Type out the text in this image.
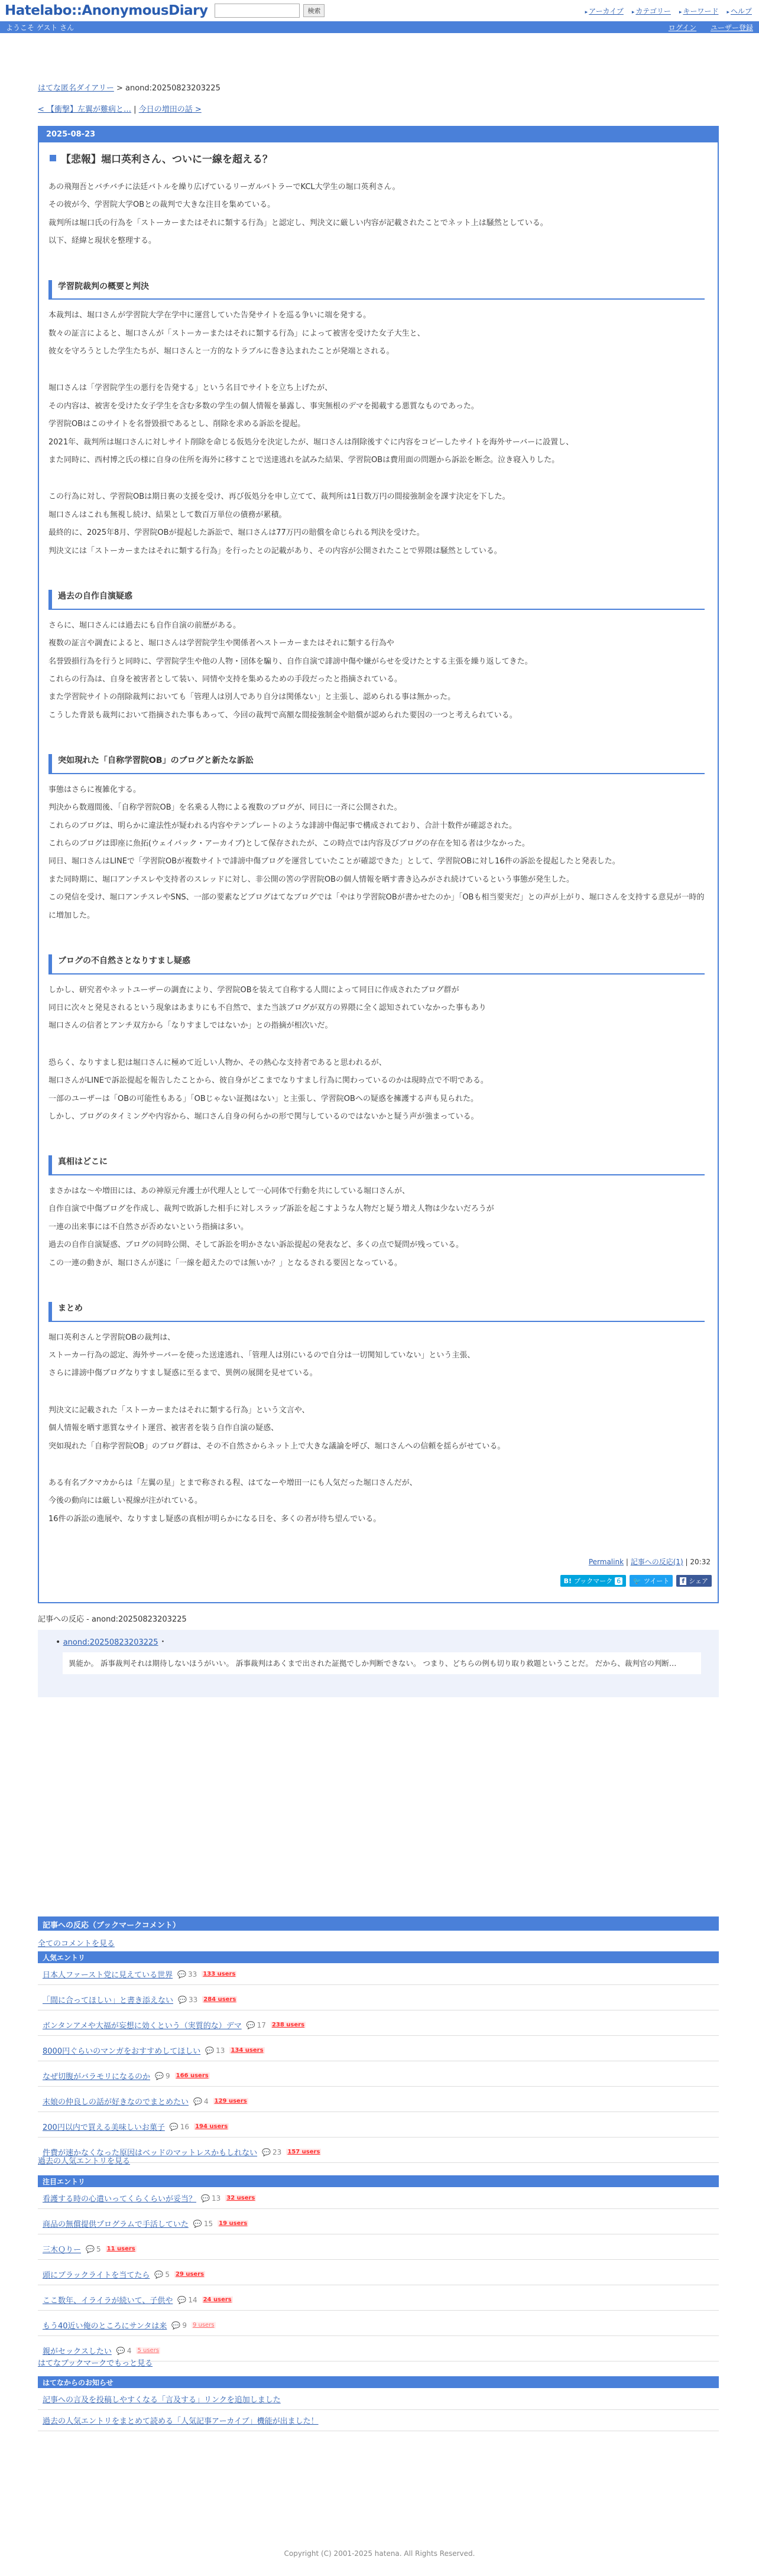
Hatelabo::AnonymousDiary	検索	▸ アーカイブ	▸ カテゴリー	▸ キーワード	▸ ヘルプ
ようこそ ゲスト さん	ログイン ユーザー登録
はてな匿名ダイアリー > anond:20250823203225
< 【衝撃】左翼が難病と… | 今日の増田の話 >
2025-08-23
【悲報】堀口英利さん、ついに一線を超える？

あの飛翔吾とバチバチに法廷バトルを繰り広げているリーガルバトラーでKCL大学生の堀口英利さん。

その彼が今、学習院大学OBとの裁判で大きな注目を集めている。

裁判所は堀口氏の行為を「ストーカーまたはそれに類する行為」と認定し、判決文に厳しい内容が記載されたことでネット上は騒然としている。

以下、経緯と現状を整理する。

学習院裁判の概要と判決

本裁判は、堀口さんが学習院大学在学中に運営していた告発サイトを巡る争いに端を発する。

数々の証言によると、堀口さんが「ストーカーまたはそれに類する行為」によって被害を受けた女子大生と、

彼女を守ろうとした学生たちが、堀口さんと一方的なトラブルに巻き込まれたことが発端とされる。

堀口さんは「学習院学生の悪行を告発する」という名目でサイトを立ち上げたが、

その内容は、被害を受けた女子学生を含む多数の学生の個人情報を暴露し、事実無根のデマを掲載する悪質なものであった。

学習院OBはこのサイトを名誉毀損であるとし、削除を求める訴訟を提起。

2021年、裁判所は堀口さんに対しサイト削除を命じる仮処分を決定したが、堀口さんは削除後すぐに内容をコピーしたサイトを海外サーバーに設置し、

また同時に、西村博之氏の様に自身の住所を海外に移すことで送達逃れを試みた結果、学習院OBは費用面の問題から訴訟を断念。泣き寝入りした。

この行為に対し、学習院OBは期日裏の支援を受け、再び仮処分を申し立てて、裁判所は1日数万円の間接強制金を課す決定を下した。

堀口さんはこれも無視し続け、結果として数百万単位の債務が累積。

最終的に、2025年8月、学習院OBが提起した訴訟で、堀口さんは77万円の賠償を命じられる判決を受けた。

判決文には「ストーカーまたはそれに類する行為」を行ったとの記載があり、その内容が公開されたことで界隈は騒然としている。

過去の自作自演疑惑

さらに、堀口さんには過去にも自作自演の前歴がある。

複数の証言や調査によると、堀口さんは学習院学生や関係者へストーカーまたはそれに類する行為や

名誉毀損行為を行うと同時に、学習院学生や他の人物・団体を騙り、自作自演で誹謗中傷や嫌がらせを受けたとする主張を繰り返してきた。

これらの行為は、自身を被害者として装い、同情や支持を集めるための手段だったと指摘されている。

また学習院サイトの削除裁判においても「管理人は別人であり自分は関係ない」と主張し、認められる事は無かった。

こうした背景も裁判において指摘された事もあって、今回の裁判で高額な間接強制金や賠償が認められた要因の一つと考えられている。

突如現れた「自称学習院OB」のブログと新たな訴訟

事態はさらに複雑化する。

判決から数週間後、「自称学習院OB」を名乗る人物による複数のブログが、同日に一斉に公開された。

これらのブログは、明らかに違法性が疑われる内容やテンプレートのような誹謗中傷記事で構成されており、合計十数件が確認された。

これらのブログは即座に魚拓(ウェイバック・アーカイブ)として保存されたが、この時点では内容及びブログの存在を知る者は少なかった。

同日、堀口さんはLINEで「学習院OBが複数サイトで誹謗中傷ブログを運営していたことが確認できた」として、学習院OBに対し16件の訴訟を提起したと発表した。

また同時期に、堀口アンチスレや支持者のスレッドに対し、非公開の筈の学習院OBの個人情報を晒す書き込みがされ続けているという事態が発生した。

この発信を受け、堀口アンチスレやSNS、一部の要素などブログはてなブログでは「やはり学習院OBが書かせたのか」「OBも相当要実だ」との声が上がり、堀口さんを支持する意見が一時的に増加した。

ブログの不自然さとなりすまし疑惑

しかし、研究者やネットユーザーの調査により、学習院OBを装えて自称する人間によって同日に作成されたブログ群が

同日に次々と発見されるという現象はあまりにも不自然で、また当該ブログが双方の界隈に全く認知されていなかった事もあり

堀口さんの信者とアンチ双方から「なりすましではないか」との指摘が相次いだ。

恐らく、なりすまし犯は堀口さんに極めて近しい人物か、その熱心な支持者であると思われるが、

堀口さんがLINEで訴訟提起を報告したことから、彼自身がどこまでなりすまし行為に関わっているのかは現時点で不明である。

一部のユーザーは「OBの可能性もある」「OBじゃない証拠はない」と主張し、学習院OBへの疑惑を擁護する声も見られた。

しかし、ブログのタイミングや内容から、堀口さん自身の何らかの形で関与しているのではないかと疑う声が強まっている。

真相はどこに

まさかはな〜や増田には、あの神原元弁護士が代理人として一心同体で行動を共にしている堀口さんが、

自作自演で中傷ブログを作成し、裁判で敗訴した相手に対しスラップ訴訟を起こすような人物だと疑う増え人物は少ないだろうが

一連の出来事には不自然さが否めないという指摘は多い。

過去の自作自演疑惑、ブログの同時公開、そして訴訟を明かさない訴訟提起の発表など、多くの点で疑問が残っている。

この一連の動きが、堀口さんが遂に「一線を超えたのでは無いか？」となるされる要因となっている。

まとめ

堀口英利さんと学習院OBの裁判は、

ストーカー行為の認定、海外サーバーを使った送達逃れ、「管理人は別にいるので自分は一切関知していない」という主張、

さらに誹謗中傷ブログなりすまし疑惑に至るまで、異例の展開を見せている。

判決文に記載された「ストーカーまたはそれに類する行為」という文言や、

個人情報を晒す悪質なサイト運営、被害者を装う自作自演の疑惑、

突如現れた「自称学習院OB」のブログ群は、その不自然さからネット上で大きな議論を呼び、堀口さんへの信頼を揺らがせている。

ある有名ブクマカからは「左翼の星」とまで称される程、はてなーや増田一にも人気だった堀口さんだが、

今後の動向には厳しい視線が注がれている。

16件の訴訟の進展や、なりすまし疑惑の真相が明らかになる日を、多くの者が待ち望んでいる。

Permalink | 記事への反応(1) | 20:32
B! ブックマーク 6 🐦 ツイート f シェア
記事への反応 - anond:20250823203225
• anond:20250823203225 ･
異能か。 訴事裁判それは期待しないほうがいい。 訴事裁判はあくまで出された証拠でしか判断できない。 つまり、どちらの例も切り取り救題ということだ。 だから、裁判官の判断…
記事への反応（ブックマークコメント）
全てのコメントを見る
人気エントリ
日本人ファースト党に見えている世界 💬 33 133 users
「間に合ってほしい」と書き添えない 💬 33 284 users
ボンタンアメや大福が妄想に効くという（実質的な）デマ 💬 17 238 users
8000円ぐらいのマンガをおすすめしてほしい 💬 13 134 users
なぜ切腹がバラモリになるのか 💬 9 166 users
末娘の仲良しの話が好きなのでまとめたい 💬 4 129 users
200円以内で買える美味しいお菓子 💬 16 194 users
件費が速かなくなった原因はベッドのマットレスかもしれない 💬 23 157 users
過去の人気エントリを見る
注目エントリ
看護する時の心遣いってくらくらいが妥当？ 💬 13 32 users
商品の無償提供プログラムで手活していた 💬 15 19 users
三木Ｑりー 💬 5 11 users
頭にブラックライトを当てたら 💬 5 29 users
ここ数年、イライラが続いて、子供や 💬 14 24 users
もう40近い俺のところにサンタは来 💬 9 9 users
親がセックスしたい 💬 4 5 users
はてなブックマークでもっと見る
はてなからのお知らせ
記事への言及を投稿しやすくなる「言及する」リンクを追加しました
過去の人気エントリをまとめて読める「人気記事アーカイブ」機能が出ました！
Copyright (C) 2001-2025 hatena. All Rights Reserved.
